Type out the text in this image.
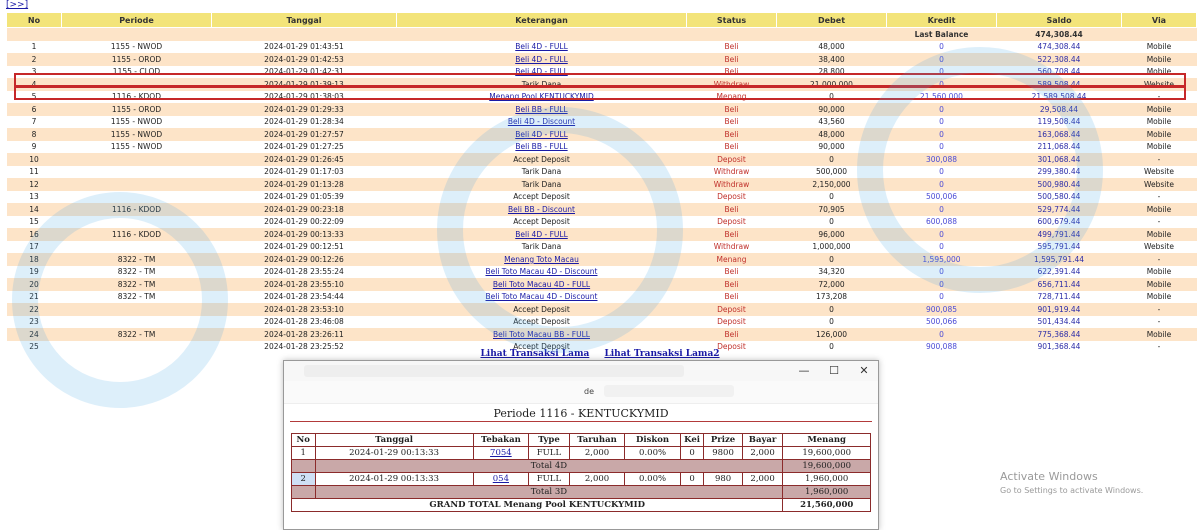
[>>]
No	Periode	Tanggal	Keterangan	Status	Debet	Kredit	Saldo	Via
						Last Balance	474,308.44	
1	1155 - NWOD	2024-01-29 01:43:51	Beli 4D - FULL	Beli	48,000	0	474,308.44	Mobile
2	1155 - OROD	2024-01-29 01:42:53	Beli 4D - FULL	Beli	38,400	0	522,308.44	Mobile
3	1155 - CLOD	2024-01-29 01:42:31	Beli 4D - FULL	Beli	28,800	0	560,708.44	Mobile
4		2024-01-29 01:39:13	Tarik Dana	Withdraw	21,000,000	0	589,508.44	Website
5	1116 - KDOD	2024-01-29 01:38:03	Menang Pool KENTUCKYMID	Menang	0	21,560,000	21,589,508.44	-
6	1155 - OROD	2024-01-29 01:29:33	Beli BB - FULL	Beli	90,000	0	29,508.44	Mobile
7	1155 - NWOD	2024-01-29 01:28:34	Beli 4D - Discount	Beli	43,560	0	119,508.44	Mobile
8	1155 - NWOD	2024-01-29 01:27:57	Beli 4D - FULL	Beli	48,000	0	163,068.44	Mobile
9	1155 - NWOD	2024-01-29 01:27:25	Beli BB - FULL	Beli	90,000	0	211,068.44	Mobile
10		2024-01-29 01:26:45	Accept Deposit	Deposit	0	300,088	301,068.44	-
11		2024-01-29 01:17:03	Tarik Dana	Withdraw	500,000	0	299,380.44	Website
12		2024-01-29 01:13:28	Tarik Dana	Withdraw	2,150,000	0	500,980.44	Website
13		2024-01-29 01:05:39	Accept Deposit	Deposit	0	500,006	500,580.44	-
14	1116 - KDOD	2024-01-29 00:23:18	Beli BB - Discount	Beli	70,905	0	529,774.44	Mobile
15		2024-01-29 00:22:09	Accept Deposit	Deposit	0	600,088	600,679.44	-
16	1116 - KDOD	2024-01-29 00:13:33	Beli 4D - FULL	Beli	96,000	0	499,791.44	Mobile
17		2024-01-29 00:12:51	Tarik Dana	Withdraw	1,000,000	0	595,791.44	Website
18	8322 - TM	2024-01-29 00:12:26	Menang Toto Macau	Menang	0	1,595,000	1,595,791.44	-
19	8322 - TM	2024-01-28 23:55:24	Beli Toto Macau 4D - Discount	Beli	34,320	0	622,391.44	Mobile
20	8322 - TM	2024-01-28 23:55:10	Beli Toto Macau 4D - FULL	Beli	72,000	0	656,711.44	Mobile
21	8322 - TM	2024-01-28 23:54:44	Beli Toto Macau 4D - Discount	Beli	173,208	0	728,711.44	Mobile
22		2024-01-28 23:53:10	Accept Deposit	Deposit	0	900,085	901,919.44	-
23		2024-01-28 23:46:08	Accept Deposit	Deposit	0	500,066	501,434.44	-
24	8322 - TM	2024-01-28 23:26:11	Beli Toto Macau BB - FULL	Beli	126,000	0	775,368.44	Mobile
25		2024-01-28 23:25:52	Accept Deposit	Deposit	0	900,088	901,368.44	-
Lihat Transaksi Lama Lihat Transaksi Lama2
— ☐ ✕
de
Periode 1116 - KENTUCKYMID
No	Tanggal	Tebakan	Type	Taruhan	Diskon	Kei	Prize	Bayar	Menang
1	2024-01-29 00:13:33	7054	FULL	2,000	0.00%	0	9800	2,000	19,600,000
	Total 4D								19,600,000
2	2024-01-29 00:13:33	054	FULL	2,000	0.00%	0	980	2,000	1,960,000
	Total 3D								1,960,000
GRAND TOTAL Menang Pool KENTUCKYMID									21,560,000
Activate Windows
Go to Settings to activate Windows.
